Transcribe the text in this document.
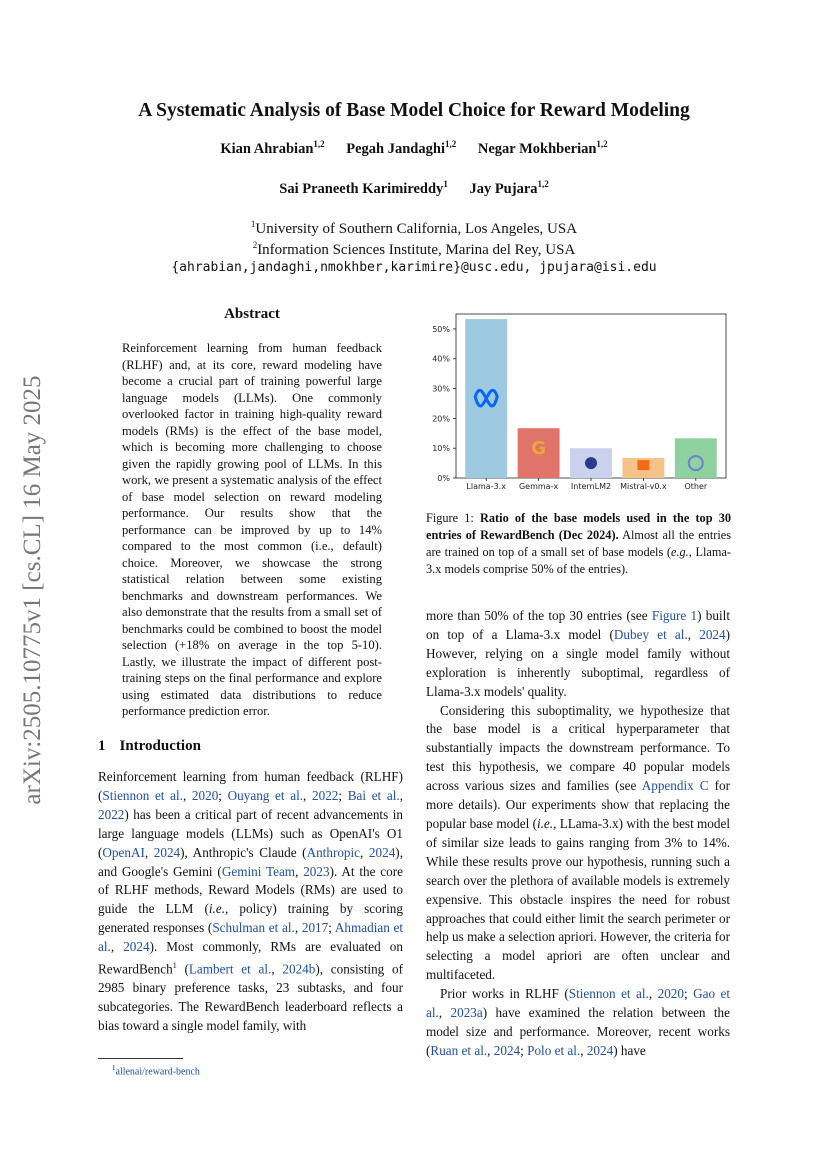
arXiv:2505.10775v1 [cs.CL] 16 May 2025
A Systematic Analysis of Base Model Choice for Reward Modeling
Kian Ahrabian$^{1,2}$ Pegah Jandaghi$^{1,2}$ Negar Mokhberian$^{1,2}$
Sai Praneeth Karimireddy$^1$ Jay Pujara$^{1,2}$
$^1$University of Southern California, Los Angeles, USA
$^2$Information Sciences Institute, Marina del Rey, USA
{ahrabian,jandaghi,nmokhber,karimire}@usc.edu, jpujara@isi.edu
Abstract
Reinforcement learning from human feedback (RLHF) and, at its core, reward modeling have become a crucial part of training powerful large language models (LLMs). One commonly overlooked factor in training high-quality reward models (RMs) is the effect of the base model, which is becoming more challenging to choose given the rapidly growing pool of LLMs. In this work, we present a systematic analysis of the effect of base model selection on reward modeling performance. Our results show that the performance can be improved by up to 14% compared to the most common (i.e., default) choice. Moreover, we showcase the strong statistical relation between some existing benchmarks and downstream performances. We also demonstrate that the results from a small set of benchmarks could be combined to boost the model selection (+18% on average in the top 5-10). Lastly, we illustrate the impact of different post-training steps on the final performance and explore using estimated data distributions to reduce performance prediction error.
1 Introduction
Reinforcement learning from human feedback (RLHF) (Stiennon et al., 2020; Ouyang et al., 2022; Bai et al., 2022) has been a critical part of recent advancements in large language models (LLMs) such as OpenAI's O1 (OpenAI, 2024), Anthropic's Claude (Anthropic, 2024), and Google's Gemini (Gemini Team, 2023). At the core of RLHF methods, Reward Models (RMs) are used to guide the LLM (i.e., policy) training by scoring generated responses (Schulman et al., 2017; Ahmadian et al., 2024). Most commonly, RMs are evaluated on RewardBench$^1$ (Lambert et al., 2024b), consisting of 2985 binary preference tasks, 23 subtasks, and four subcategories. The RewardBench leaderboard reflects a bias toward a single model family, with
$^1$allenai/reward-bench
0%
10%
20%
30%
40%
50%
Llama-3.x Gemma-x
G
InternLM2 Mistral-v0.x Other
Figure 1: Ratio of the base models used in the top 30 entries of RewardBench (Dec 2024). Almost all the entries are trained on top of a small set of base models (e.g., Llama-3.x models comprise 50% of the entries).

more than 50% of the top 30 entries (see Figure 1) built on top of a Llama-3.x model (Dubey et al., 2024) However, relying on a single model family without exploration is inherently suboptimal, regardless of Llama-3.x models' quality.

Considering this suboptimality, we hypothesize that the base model is a critical hyperparameter that substantially impacts the downstream performance. To test this hypothesis, we compare 40 popular models across various sizes and families (see Appendix C for more details). Our experiments show that replacing the popular base model (i.e., LLama-3.x) with the best model of similar size leads to gains ranging from 3% to 14%. While these results prove our hypothesis, running such a search over the plethora of available models is extremely expensive. This obstacle inspires the need for robust approaches that could either limit the search perimeter or help us make a selection apriori. However, the criteria for selecting a model apriori are often unclear and multifaceted.

Prior works in RLHF (Stiennon et al., 2020; Gao et al., 2023a) have examined the relation between the model size and performance. Moreover, recent works (Ruan et al., 2024; Polo et al., 2024) have
